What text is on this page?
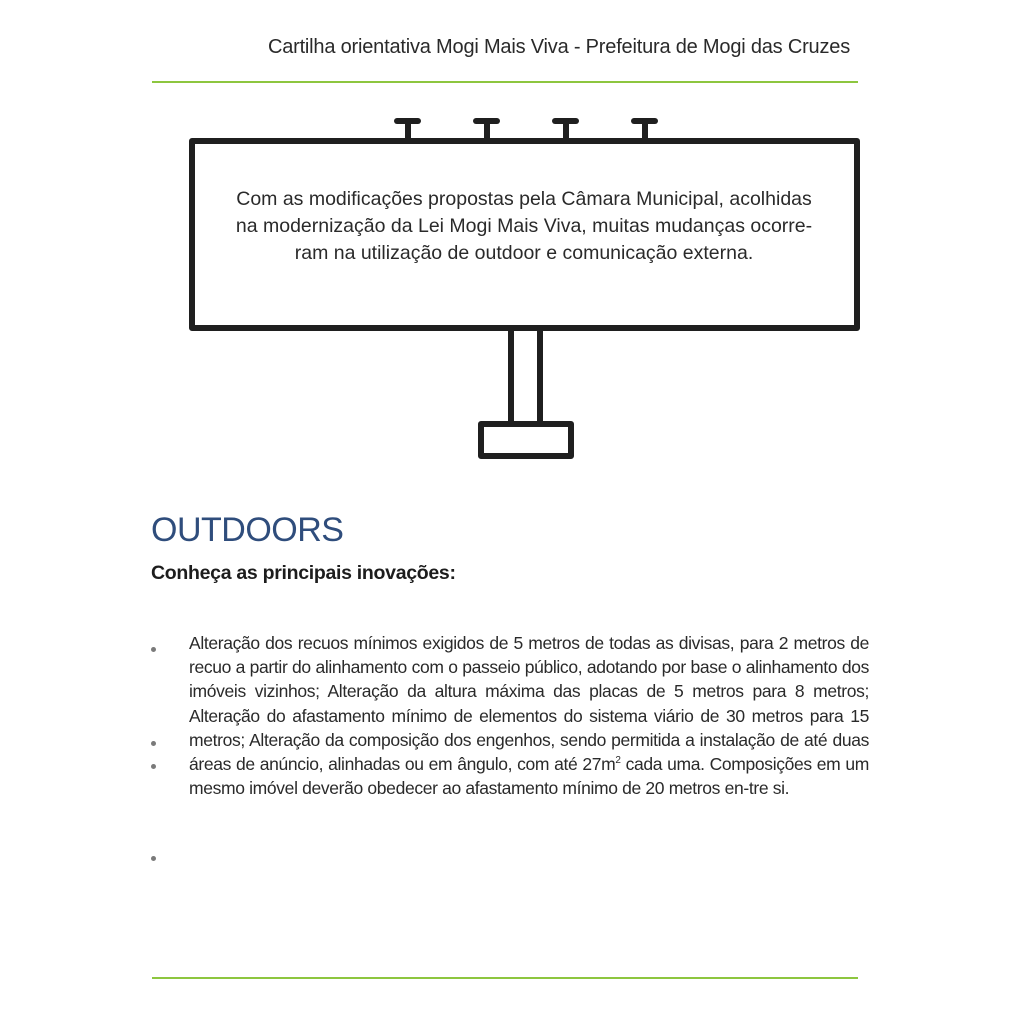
Cartilha orientativa Mogi Mais Viva - Prefeitura de Mogi das Cruzes
Com as modificações propostas pela Câmara Municipal, acolhidas
na modernização da Lei Mogi Mais Viva, muitas mudanças ocorre-
ram na utilização de outdoor e comunicação externa.
OUTDOORS
Conheça as principais inovações:
Alteração dos recuos mínimos exigidos de 5 metros de todas as divisas, para 2 metros de recuo a partir do alinhamento com o passeio público, adotando por base o alinhamento dos imóveis vizinhos; Alteração da altura máxima das placas de 5 metros para 8 metros; Alteração do afastamento mínimo de elementos do sistema viário de 30 metros para 15 metros; Alteração da composição dos engenhos, sendo permitida a instalação de até duas áreas de anúncio, alinhadas ou em ângulo, com até $27m^2$ cada uma. Composições em um mesmo imóvel deverão obedecer ao afastamento mínimo de 20 metros en-tre si.
